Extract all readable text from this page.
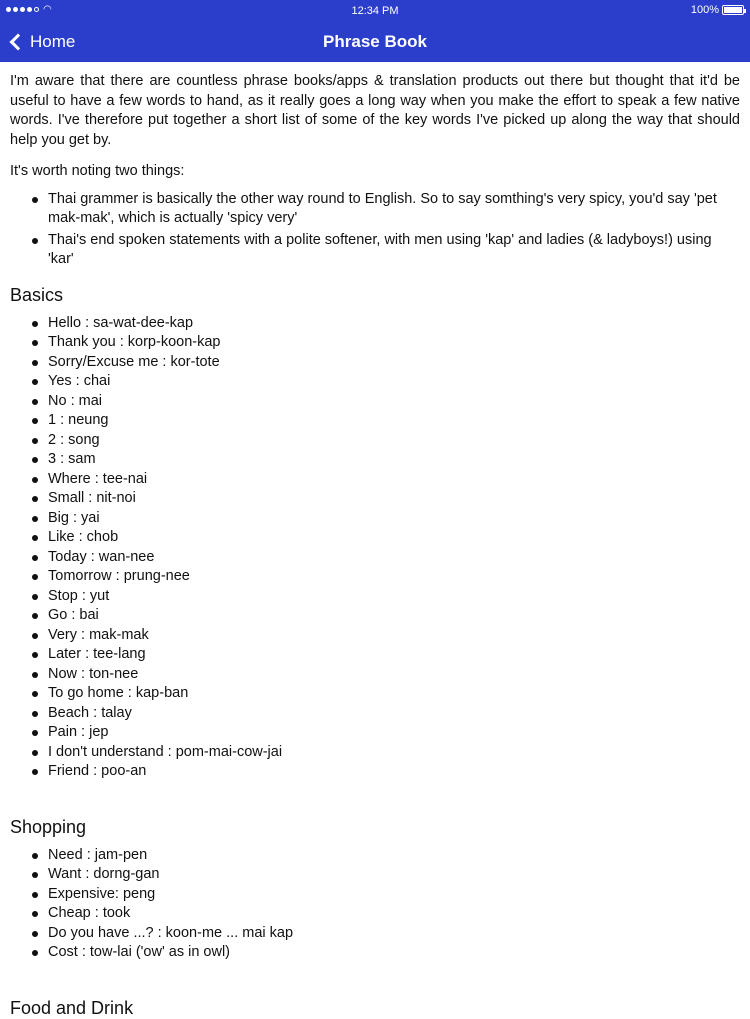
◠	12:34 PM	100%
Home	Phrase Book

I'm aware that there are countless phrase books/apps & translation products out there but thought that it'd be useful to have a few words to hand, as it really goes a long way when you make the effort to speak a few native words. I've therefore put together a short list of some of the key words I've picked up along the way that should help you get by.

It's worth noting two things:

Thai grammer is basically the other way round to English. So to say somthing's very spicy, you'd say 'pet mak-mak', which is actually 'spicy very'
Thai's end spoken statements with a polite softener, with men using 'kap' and ladies (& ladyboys!) using 'kar'
Basics
Hello : sa-wat-dee-kap
Thank you : korp-koon-kap
Sorry/Excuse me : kor-tote
Yes : chai
No : mai
1 : neung
2 : song
3 : sam
Where : tee-nai
Small : nit-noi
Big : yai
Like : chob
Today : wan-nee
Tomorrow : prung-nee
Stop : yut
Go : bai
Very : mak-mak
Later : tee-lang
Now : ton-nee
To go home : kap-ban
Beach : talay
Pain : jep
I don't understand : pom-mai-cow-jai
Friend : poo-an
Shopping
Need : jam-pen
Want : dorng-gan
Expensive: peng
Cheap : took
Do you have ...? : koon-me ... mai kap
Cost : tow-lai ('ow' as in owl)
Food and Drink
